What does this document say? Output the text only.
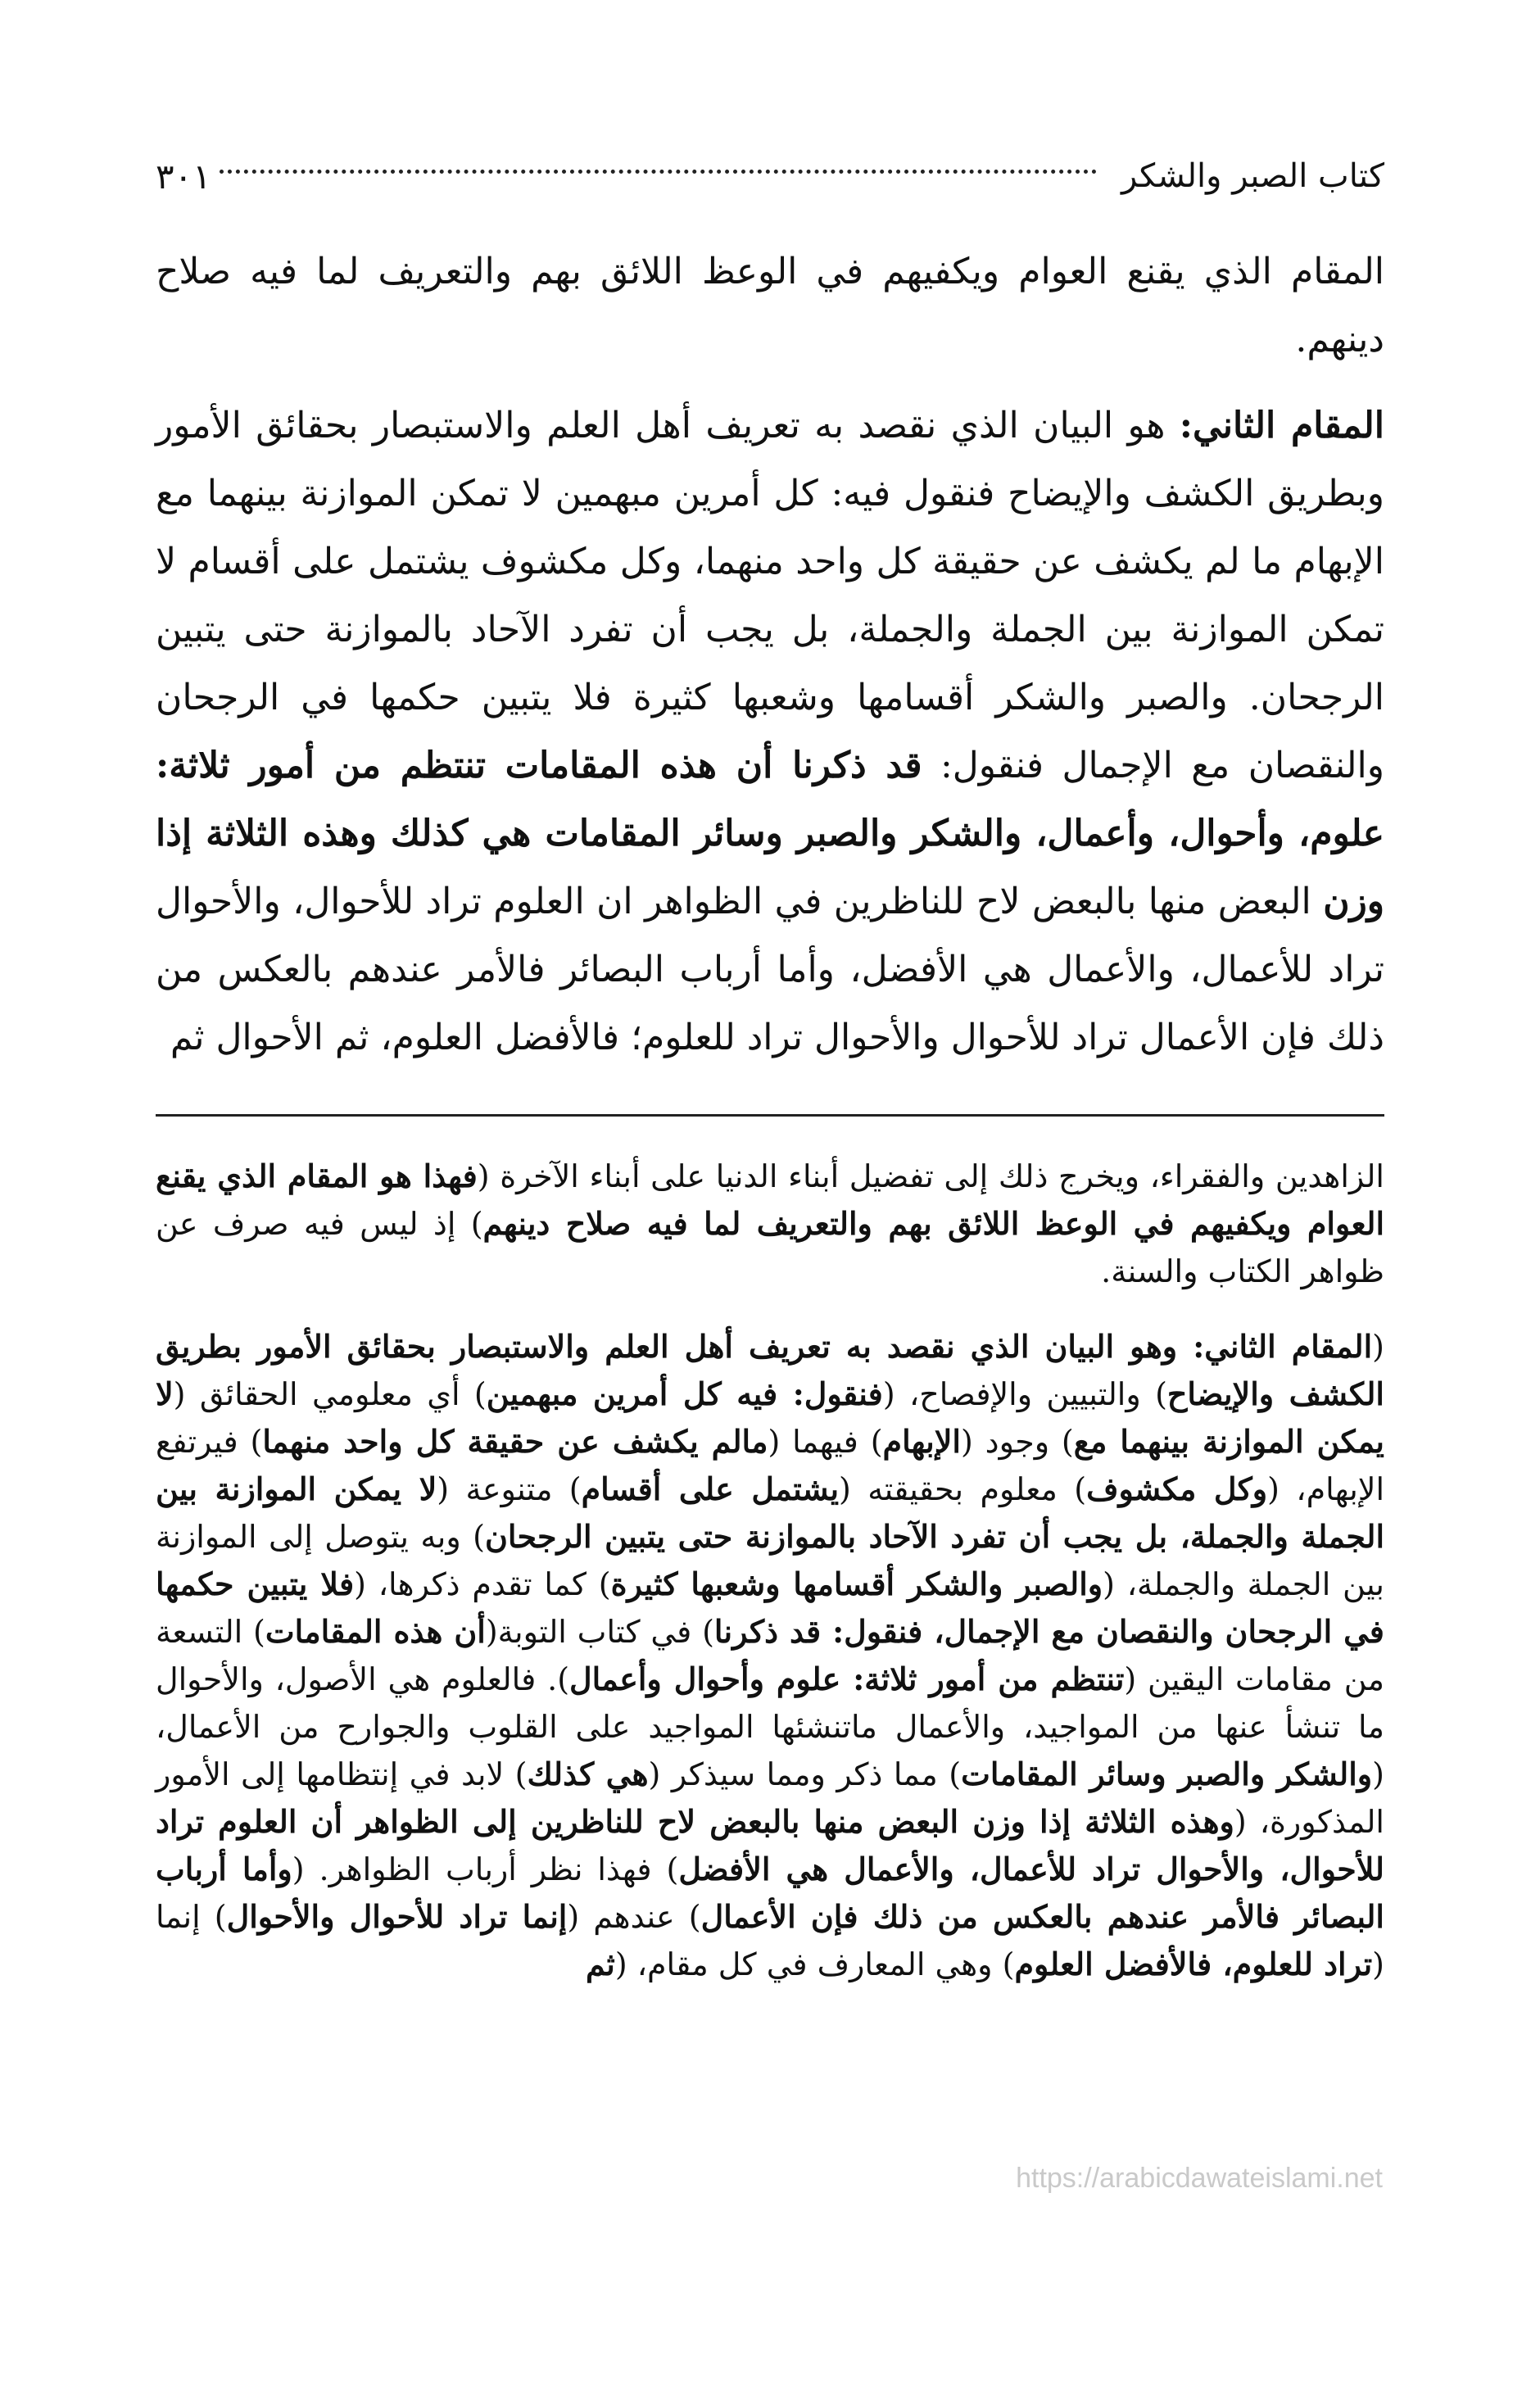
كتاب الصبر والشكر
٣٠١

المقام الذي يقنع العوام ويكفيهم في الوعظ اللائق بهم والتعريف لما فيه صلاح دينهم.

المقام الثاني: هو البيان الذي نقصد به تعريف أهل العلم والاستبصار بحقائق الأمور وبطريق الكشف والإيضاح فنقول فيه: كل أمرين مبهمين لا تمكن الموازنة بينهما مع الإبهام ما لم يكشف عن حقيقة كل واحد منهما، وكل مكشوف يشتمل على أقسام لا تمكن الموازنة بين الجملة والجملة، بل يجب أن تفرد الآحاد بالموازنة حتى يتبين الرجحان. والصبر والشكر أقسامها وشعبها كثيرة فلا يتبين حكمها في الرجحان والنقصان مع الإجمال فنقول: قد ذكرنا أن هذه المقامات تنتظم من أمور ثلاثة: علوم، وأحوال، وأعمال، والشكر والصبر وسائر المقامات هي كذلك وهذه الثلاثة إذا وزن البعض منها بالبعض لاح للناظرين في الظواهر ان العلوم تراد للأحوال، والأحوال تراد للأعمال، والأعمال هي الأفضل، وأما أرباب البصائر فالأمر عندهم بالعكس من ذلك فإن الأعمال تراد للأحوال والأحوال تراد للعلوم؛ فالأفضل العلوم، ثم الأحوال ثم

الزاهدين والفقراء، ويخرج ذلك إلى تفضيل أبناء الدنيا على أبناء الآخرة (فهذا هو المقام الذي يقنع العوام ويكفيهم في الوعظ اللائق بهم والتعريف لما فيه صلاح دينهم) إذ ليس فيه صرف عن ظواهر الكتاب والسنة.

(المقام الثاني: وهو البيان الذي نقصد به تعريف أهل العلم والاستبصار بحقائق الأمور بطريق الكشف والإيضاح) والتبيين والإفصاح، (فنقول: فيه كل أمرين مبهمين) أي معلومي الحقائق (لا يمكن الموازنة بينهما مع) وجود (الإبهام) فيهما (مالم يكشف عن حقيقة كل واحد منهما) فيرتفع الإبهام، (وكل مكشوف) معلوم بحقيقته (يشتمل على أقسام) متنوعة (لا يمكن الموازنة بين الجملة والجملة، بل يجب أن تفرد الآحاد بالموازنة حتى يتبين الرجحان) وبه يتوصل إلى الموازنة بين الجملة والجملة، (والصبر والشكر أقسامها وشعبها كثيرة) كما تقدم ذكرها، (فلا يتبين حكمها في الرجحان والنقصان مع الإجمال، فنقول: قد ذكرنا) في كتاب التوبة(أن هذه المقامات) التسعة من مقامات اليقين (تنتظم من أمور ثلاثة: علوم وأحوال وأعمال). فالعلوم هي الأصول، والأحوال ما تنشأ عنها من المواجيد، والأعمال ماتنشئها المواجيد على القلوب والجوارح من الأعمال، (والشكر والصبر وسائر المقامات) مما ذكر ومما سيذكر (هي كذلك) لابد في إنتظامها إلى الأمور المذكورة، (وهذه الثلاثة إذا وزن البعض منها بالبعض لاح للناظرين إلى الظواهر أن العلوم تراد للأحوال، والأحوال تراد للأعمال، والأعمال هي الأفضل) فهذا نظر أرباب الظواهر. (وأما أرباب البصائر فالأمر عندهم بالعكس من ذلك فإن الأعمال) عندهم (إنما تراد للأحوال والأحوال) إنما (تراد للعلوم، فالأفضل العلوم) وهي المعارف في كل مقام، (ثم

https://arabicdawateislami.net
